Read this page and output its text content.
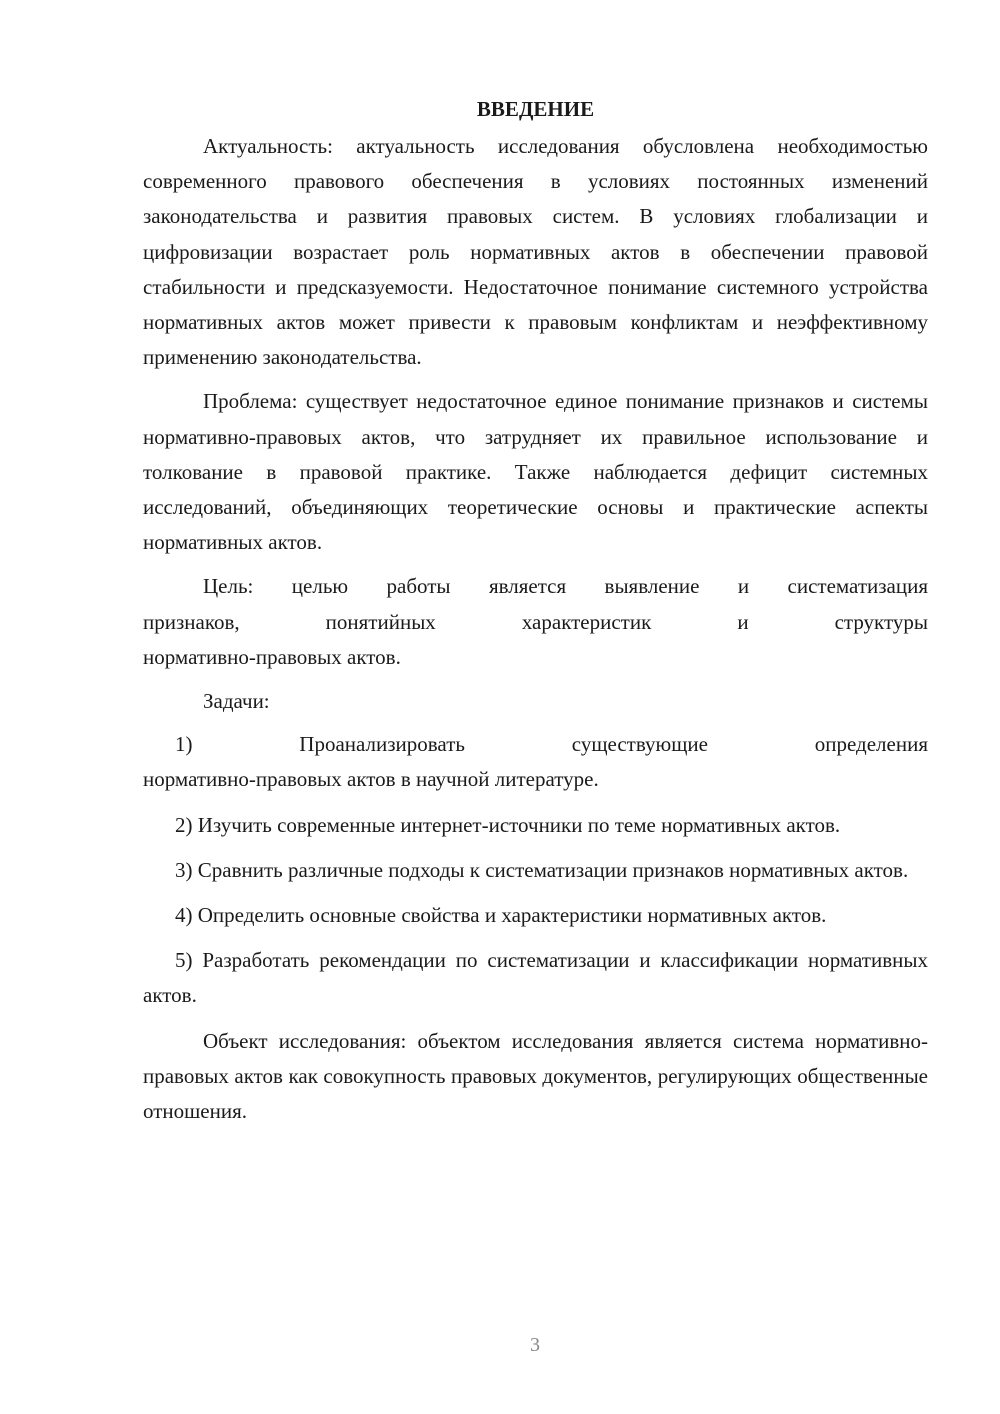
ВВЕДЕНИЕ

Актуальность: актуальность исследования обусловлена необходимостью современного правового обеспечения в условиях постоянных изменений законодательства и развития правовых систем. В условиях глобализации и цифровизации возрастает роль нормативных актов в обеспечении правовой стабильности и предсказуемости. Недостаточное понимание системного устройства нормативных актов может привести к правовым конфликтам и неэффективному применению законодательства.

Проблема: существует недостаточное единое понимание признаков и системы нормативно-правовых актов, что затрудняет их правильное использование и толкование в правовой практике. Также наблюдается дефицит системных исследований, объединяющих теоретические основы и практические аспекты нормативных актов.

Цель: целью работы является выявление и систематизация
признаков, понятийных характеристик и структуры
нормативно-правовых актов.

Задачи:

1) Проанализировать существующие определения
нормативно-правовых актов в научной литературе.

2) Изучить современные интернет-источники по теме нормативных актов.

3) Сравнить различные подходы к систематизации признаков нормативных актов.

4) Определить основные свойства и характеристики нормативных актов.

5) Разработать рекомендации по систематизации и классификации нормативных актов.

Объект исследования: объектом исследования является система нормативно-правовых актов как совокупность правовых документов, регулирующих общественные отношения.

3
